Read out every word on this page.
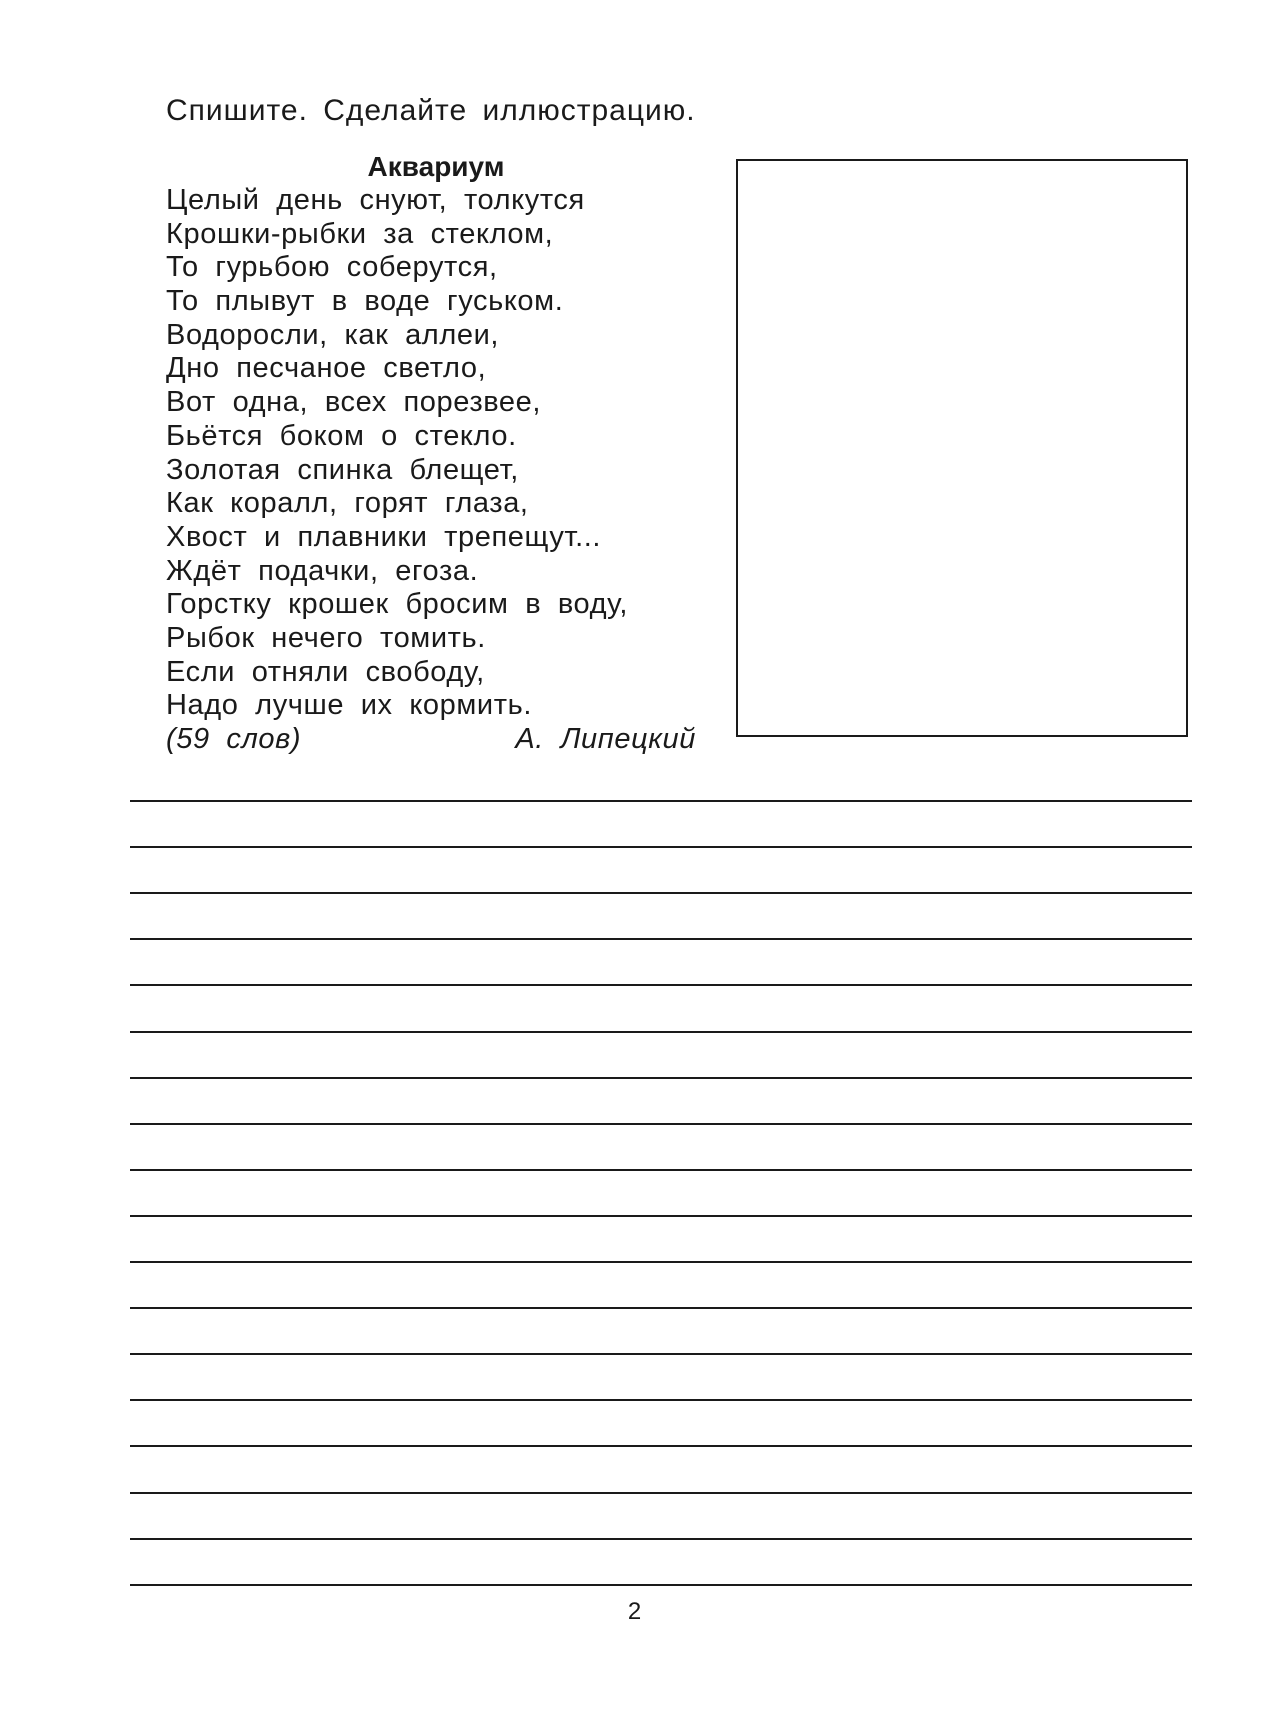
Спишите. Сделайте иллюстрацию.
Аквариум
Целый день снуют, толкутся
Крошки-рыбки за стеклом,
То гурьбою соберутся,
То плывут в воде гуськом.
Водоросли, как аллеи,
Дно песчаное светло,
Вот одна, всех порезвее,
Бьётся боком о стекло.
Золотая спинка блещет,
Как коралл, горят глаза,
Хвост и плавники трепещут...
Ждёт подачки, егоза.
Горстку крошек бросим в воду,
Рыбок нечего томить.
Если отняли свободу,
Надо лучше их кормить.
(59 слов)	А. Липецкий
2
